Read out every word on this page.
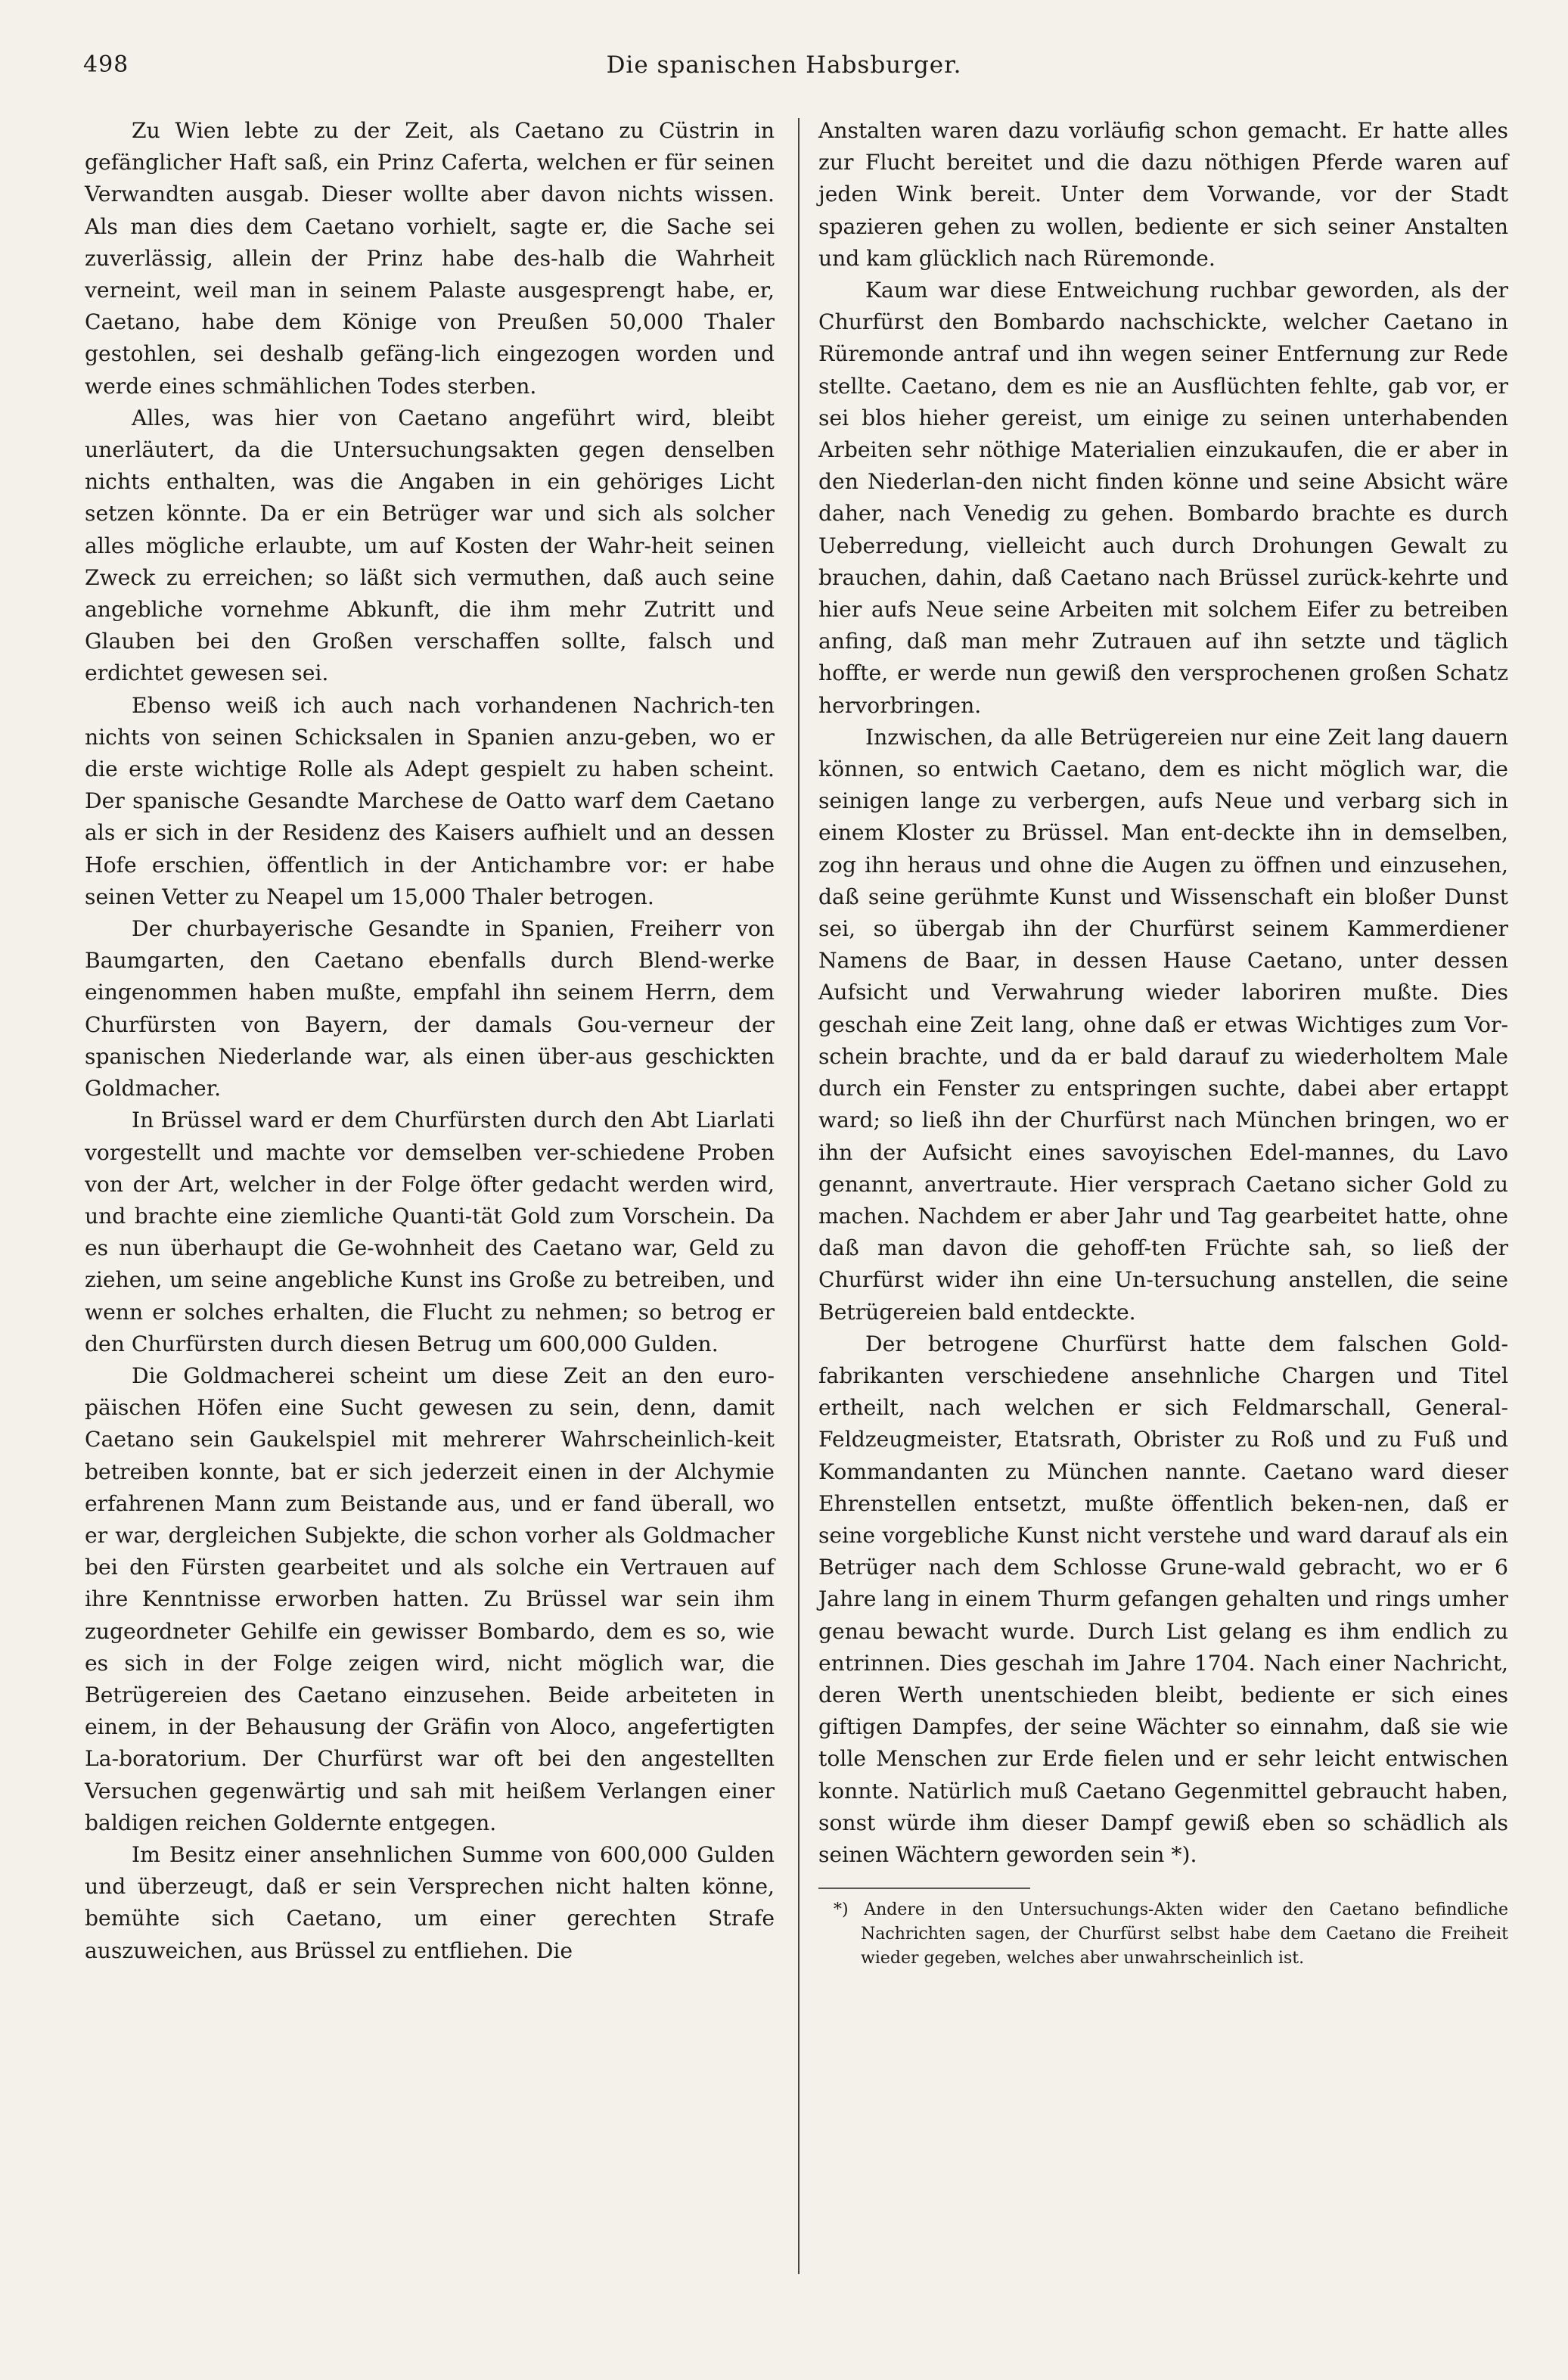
498	Die spanischen Habsburger.

Zu Wien lebte zu der Zeit, als Caetano zu Cüstrin in gefänglicher Haft saß, ein Prinz Caferta, welchen er für seinen Verwandten ausgab. Dieser wollte aber davon nichts wissen. Als man dies dem Caetano vorhielt, sagte er, die Sache sei zuverlässig, allein der Prinz habe des-halb die Wahrheit verneint, weil man in seinem Palaste ausgesprengt habe, er, Caetano, habe dem Könige von Preußen 50,000 Thaler gestohlen, sei deshalb gefäng-lich eingezogen worden und werde eines schmählichen Todes sterben.

Alles, was hier von Caetano angeführt wird, bleibt unerläutert, da die Untersuchungsakten gegen denselben nichts enthalten, was die Angaben in ein gehöriges Licht setzen könnte. Da er ein Betrüger war und sich als solcher alles mögliche erlaubte, um auf Kosten der Wahr-heit seinen Zweck zu erreichen; so läßt sich vermuthen, daß auch seine angebliche vornehme Abkunft, die ihm mehr Zutritt und Glauben bei den Großen verschaffen sollte, falsch und erdichtet gewesen sei.

Ebenso weiß ich auch nach vorhandenen Nachrich-ten nichts von seinen Schicksalen in Spanien anzu-geben, wo er die erste wichtige Rolle als Adept gespielt zu haben scheint. Der spanische Gesandte Marchese de Oatto warf dem Caetano als er sich in der Residenz des Kaisers aufhielt und an dessen Hofe erschien, öffentlich in der Antichambre vor: er habe seinen Vetter zu Neapel um 15,000 Thaler betrogen.

Der churbayerische Gesandte in Spanien, Freiherr von Baumgarten, den Caetano ebenfalls durch Blend-werke eingenommen haben mußte, empfahl ihn seinem Herrn, dem Churfürsten von Bayern, der damals Gou-verneur der spanischen Niederlande war, als einen über-aus geschickten Goldmacher.

In Brüssel ward er dem Churfürsten durch den Abt Liarlati vorgestellt und machte vor demselben ver-schiedene Proben von der Art, welcher in der Folge öfter gedacht werden wird, und brachte eine ziemliche Quanti-tät Gold zum Vorschein. Da es nun überhaupt die Ge-wohnheit des Caetano war, Geld zu ziehen, um seine angebliche Kunst ins Große zu betreiben, und wenn er solches erhalten, die Flucht zu nehmen; so betrog er den Churfürsten durch diesen Betrug um 600,000 Gulden.

Die Goldmacherei scheint um diese Zeit an den euro-päischen Höfen eine Sucht gewesen zu sein, denn, damit Caetano sein Gaukelspiel mit mehrerer Wahrscheinlich-keit betreiben konnte, bat er sich jederzeit einen in der Alchymie erfahrenen Mann zum Beistande aus, und er fand überall, wo er war, dergleichen Subjekte, die schon vorher als Goldmacher bei den Fürsten gearbeitet und als solche ein Vertrauen auf ihre Kenntnisse erworben hatten. Zu Brüssel war sein ihm zugeordneter Gehilfe ein gewisser Bombardo, dem es so, wie es sich in der Folge zeigen wird, nicht möglich war, die Betrügereien des Caetano einzusehen. Beide arbeiteten in einem, in der Behausung der Gräfin von Aloco, angefertigten La-boratorium. Der Churfürst war oft bei den angestellten Versuchen gegenwärtig und sah mit heißem Verlangen einer baldigen reichen Goldernte entgegen.

Im Besitz einer ansehnlichen Summe von 600,000 Gulden und überzeugt, daß er sein Versprechen nicht halten könne, bemühte sich Caetano, um einer gerechten Strafe auszuweichen, aus Brüssel zu entfliehen. Die

Anstalten waren dazu vorläufig schon gemacht. Er hatte alles zur Flucht bereitet und die dazu nöthigen Pferde waren auf jeden Wink bereit. Unter dem Vorwande, vor der Stadt spazieren gehen zu wollen, bediente er sich seiner Anstalten und kam glücklich nach Rüremonde.

Kaum war diese Entweichung ruchbar geworden, als der Churfürst den Bombardo nachschickte, welcher Caetano in Rüremonde antraf und ihn wegen seiner Entfernung zur Rede stellte. Caetano, dem es nie an Ausflüchten fehlte, gab vor, er sei blos hieher gereist, um einige zu seinen unterhabenden Arbeiten sehr nöthige Materialien einzukaufen, die er aber in den Niederlan-den nicht finden könne und seine Absicht wäre daher, nach Venedig zu gehen. Bombardo brachte es durch Ueberredung, vielleicht auch durch Drohungen Gewalt zu brauchen, dahin, daß Caetano nach Brüssel zurück-kehrte und hier aufs Neue seine Arbeiten mit solchem Eifer zu betreiben anfing, daß man mehr Zutrauen auf ihn setzte und täglich hoffte, er werde nun gewiß den versprochenen großen Schatz hervorbringen.

Inzwischen, da alle Betrügereien nur eine Zeit lang dauern können, so entwich Caetano, dem es nicht möglich war, die seinigen lange zu verbergen, aufs Neue und verbarg sich in einem Kloster zu Brüssel. Man ent-deckte ihn in demselben, zog ihn heraus und ohne die Augen zu öffnen und einzusehen, daß seine gerühmte Kunst und Wissenschaft ein bloßer Dunst sei, so übergab ihn der Churfürst seinem Kammerdiener Namens de Baar, in dessen Hause Caetano, unter dessen Aufsicht und Verwahrung wieder laboriren mußte. Dies geschah eine Zeit lang, ohne daß er etwas Wichtiges zum Vor-schein brachte, und da er bald darauf zu wiederholtem Male durch ein Fenster zu entspringen suchte, dabei aber ertappt ward; so ließ ihn der Churfürst nach München bringen, wo er ihn der Aufsicht eines savoyischen Edel-mannes, du Lavo genannt, anvertraute. Hier versprach Caetano sicher Gold zu machen. Nachdem er aber Jahr und Tag gearbeitet hatte, ohne daß man davon die gehoff-ten Früchte sah, so ließ der Churfürst wider ihn eine Un-tersuchung anstellen, die seine Betrügereien bald entdeckte.

Der betrogene Churfürst hatte dem falschen Gold-fabrikanten verschiedene ansehnliche Chargen und Titel ertheilt, nach welchen er sich Feldmarschall, General-Feldzeugmeister, Etatsrath, Obrister zu Roß und zu Fuß und Kommandanten zu München nannte. Caetano ward dieser Ehrenstellen entsetzt, mußte öffentlich beken-nen, daß er seine vorgebliche Kunst nicht verstehe und ward darauf als ein Betrüger nach dem Schlosse Grune-wald gebracht, wo er 6 Jahre lang in einem Thurm gefangen gehalten und rings umher genau bewacht wurde. Durch List gelang es ihm endlich zu entrinnen. Dies geschah im Jahre 1704. Nach einer Nachricht, deren Werth unentschieden bleibt, bediente er sich eines giftigen Dampfes, der seine Wächter so einnahm, daß sie wie tolle Menschen zur Erde fielen und er sehr leicht entwischen konnte. Natürlich muß Caetano Gegenmittel gebraucht haben, sonst würde ihm dieser Dampf gewiß eben so schädlich als seinen Wächtern geworden sein *).

*) Andere in den Untersuchungs-Akten wider den Caetano befindliche Nachrichten sagen, der Churfürst selbst habe dem Caetano die Freiheit wieder gegeben, welches aber unwahrscheinlich ist.
